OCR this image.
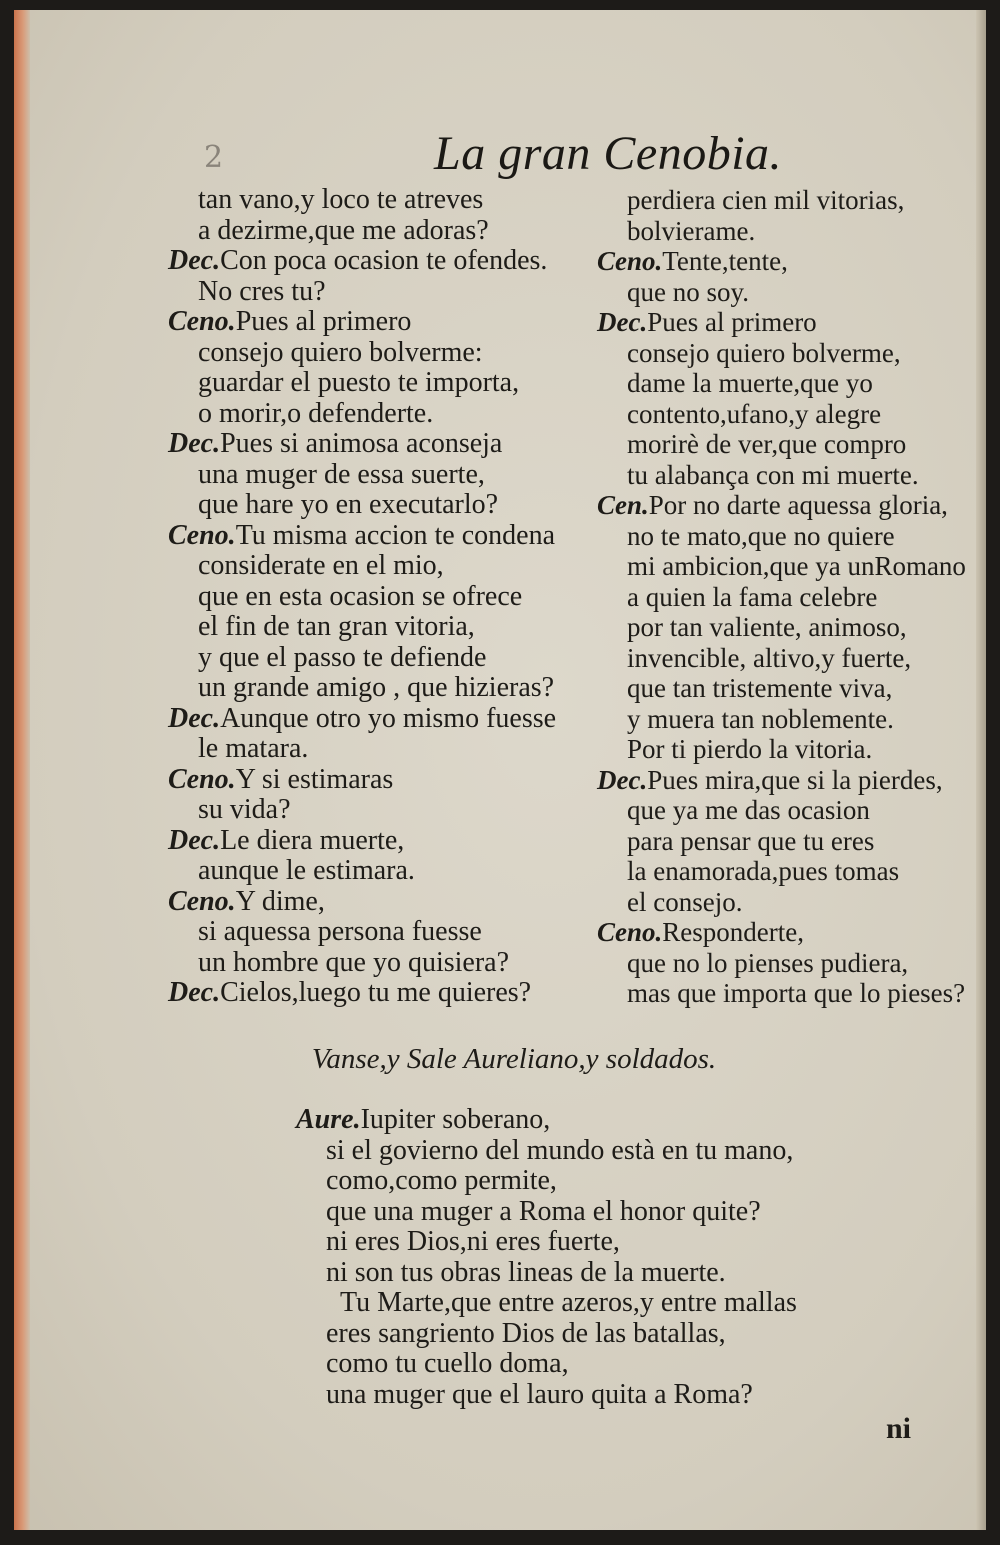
2	La gran Cenobia.
tan vano,y loco te atreves
a dezirme,que me adoras?
Dec.Con poca ocasion te ofendes.
No cres tu?
Ceno.Pues al primero
consejo quiero bolverme:
guardar el puesto te importa,
o morir,o defenderte.
Dec.Pues si animosa aconseja
una muger de essa suerte,
que hare yo en executarlo?
Ceno.Tu misma accion te condena
considerate en el mio,
que en esta ocasion se ofrece
el fin de tan gran vitoria,
y que el passo te defiende
un grande amigo , que hizieras?
Dec.Aunque otro yo mismo fuesse
le matara.
Ceno.Y si estimaras
su vida?
Dec.Le diera muerte,
aunque le estimara.
Ceno.Y dime,
si aquessa persona fuesse
un hombre que yo quisiera?
Dec.Cielos,luego tu me quieres?
perdiera cien mil vitorias,
bolvierame.
Ceno.Tente,tente,
que no soy.
Dec.Pues al primero
consejo quiero bolverme,
dame la muerte,que yo
contento,ufano,y alegre
morirè de ver,que compro
tu alabança con mi muerte.
Cen.Por no darte aquessa gloria,
no te mato,que no quiere
mi ambicion,que ya unRomano
a quien la fama celebre
por tan valiente, animoso,
invencible, altivo,y fuerte,
que tan tristemente viva,
y muera tan noblemente.
Por ti pierdo la vitoria.
Dec.Pues mira,que si la pierdes,
que ya me das ocasion
para pensar que tu eres
la enamorada,pues tomas
el consejo.
Ceno.Responderte,
que no lo pienses pudiera,
mas que importa que lo pieses?
Vanse,y Sale Aureliano,y soldados.
Aure.Iupiter soberano,
si el govierno del mundo està en tu mano,
como,como permite,
que una muger a Roma el honor quite?
ni eres Dios,ni eres fuerte,
ni son tus obras lineas de la muerte.
Tu Marte,que entre azeros,y entre mallas
eres sangriento Dios de las batallas,
como tu cuello doma,
una muger que el lauro quita a Roma?
ni
